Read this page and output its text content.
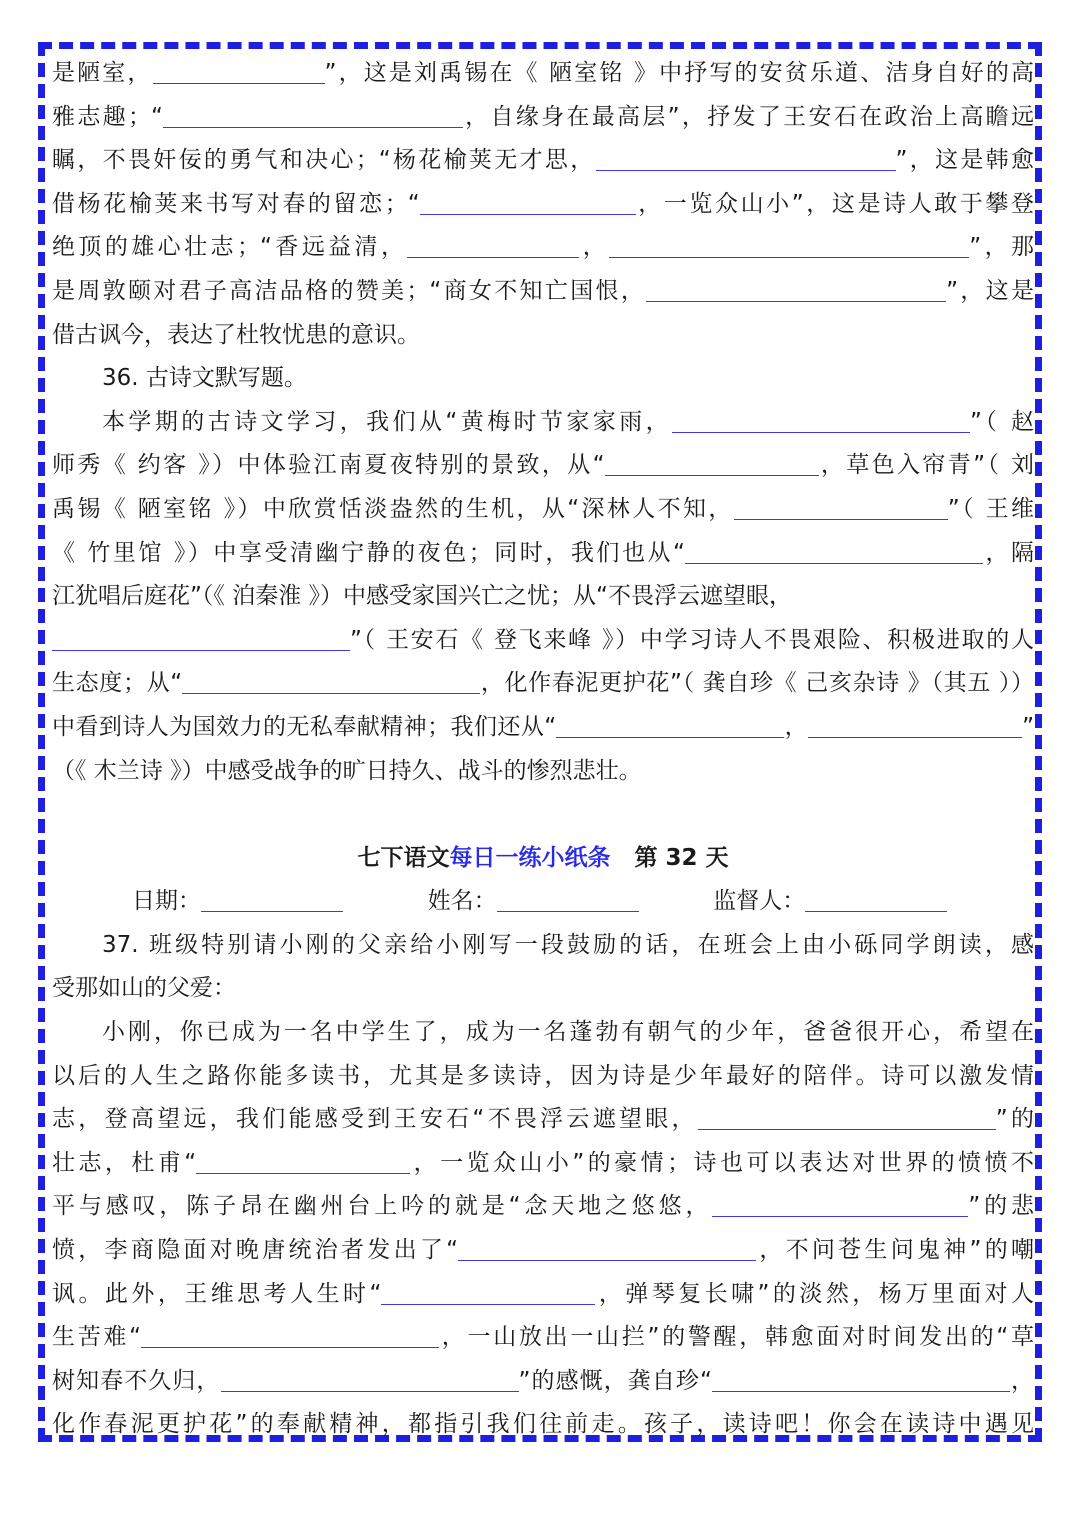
是陋室，	”，这是刘禹锡在《 陋室铭 》中抒写的安贫乐道、洁身自好的高
雅志趣；“	，自缘身在最高层”，抒发了王安石在政治上高瞻远
瞩，不畏奸佞的勇气和决心；“杨花榆荚无才思，	”，这是韩愈
借杨花榆荚来书写对春的留恋；“	，一览众山小”，这是诗人敢于攀登
绝顶的雄心壮志；“香远益清，	，	”，那
是周敦颐对君子高洁品格的赞美；“商女不知亡国恨，	”，这是
借古讽今，表达了杜牧忧患的意识。
36. 古诗文默写题。
本学期的古诗文学习，我们从“黄梅时节家家雨，	”（ 赵
师秀《 约客 》）中体验江南夏夜特别的景致，从“	，草色入帘青”（ 刘
禹锡《 陋室铭 》）中欣赏恬淡盎然的生机，从“深林人不知，	”（ 王维
《 竹里馆 》）中享受清幽宁静的夜色；同时，我们也从“	，隔
江犹唱后庭花”（《 泊秦淮 》）中感受家国兴亡之忧；从“不畏浮云遮望眼，
”（ 王安石《 登飞来峰 》）中学习诗人不畏艰险、积极进取的人
生态度；从“	，化作春泥更护花”（ 龚自珍《 己亥杂诗 》（其五 ））
中看到诗人为国效力的无私奉献精神；我们还从“	，	”
（《 木兰诗 》）中感受战争的旷日持久、战斗的惨烈悲壮。
七下语文每日一练小纸条 第 32 天
日期：	姓名：	监督人：
37. 班级特别请小刚的父亲给小刚写一段鼓励的话，在班会上由小砾同学朗读，感
受那如山的父爱：
小刚，你已成为一名中学生了，成为一名蓬勃有朝气的少年，爸爸很开心，希望在
以后的人生之路你能多读书，尤其是多读诗，因为诗是少年最好的陪伴。诗可以激发情
志，登高望远，我们能感受到王安石“不畏浮云遮望眼，	”的
壮志，杜甫“	，一览众山小”的豪情；诗也可以表达对世界的愤愤不
平与感叹，陈子昂在幽州台上吟的就是“念天地之悠悠，	”的悲
愤，李商隐面对晚唐统治者发出了“	，不问苍生问鬼神”的嘲
讽。此外，王维思考人生时“	，弹琴复长啸”的淡然，杨万里面对人
生苦难“	，一山放出一山拦”的警醒，韩愈面对时间发出的“草
树知春不久归，	”的感慨，龚自珍“	，
化作春泥更护花”的奉献精神，都指引我们往前走。孩子，读诗吧！你会在读诗中遇见
